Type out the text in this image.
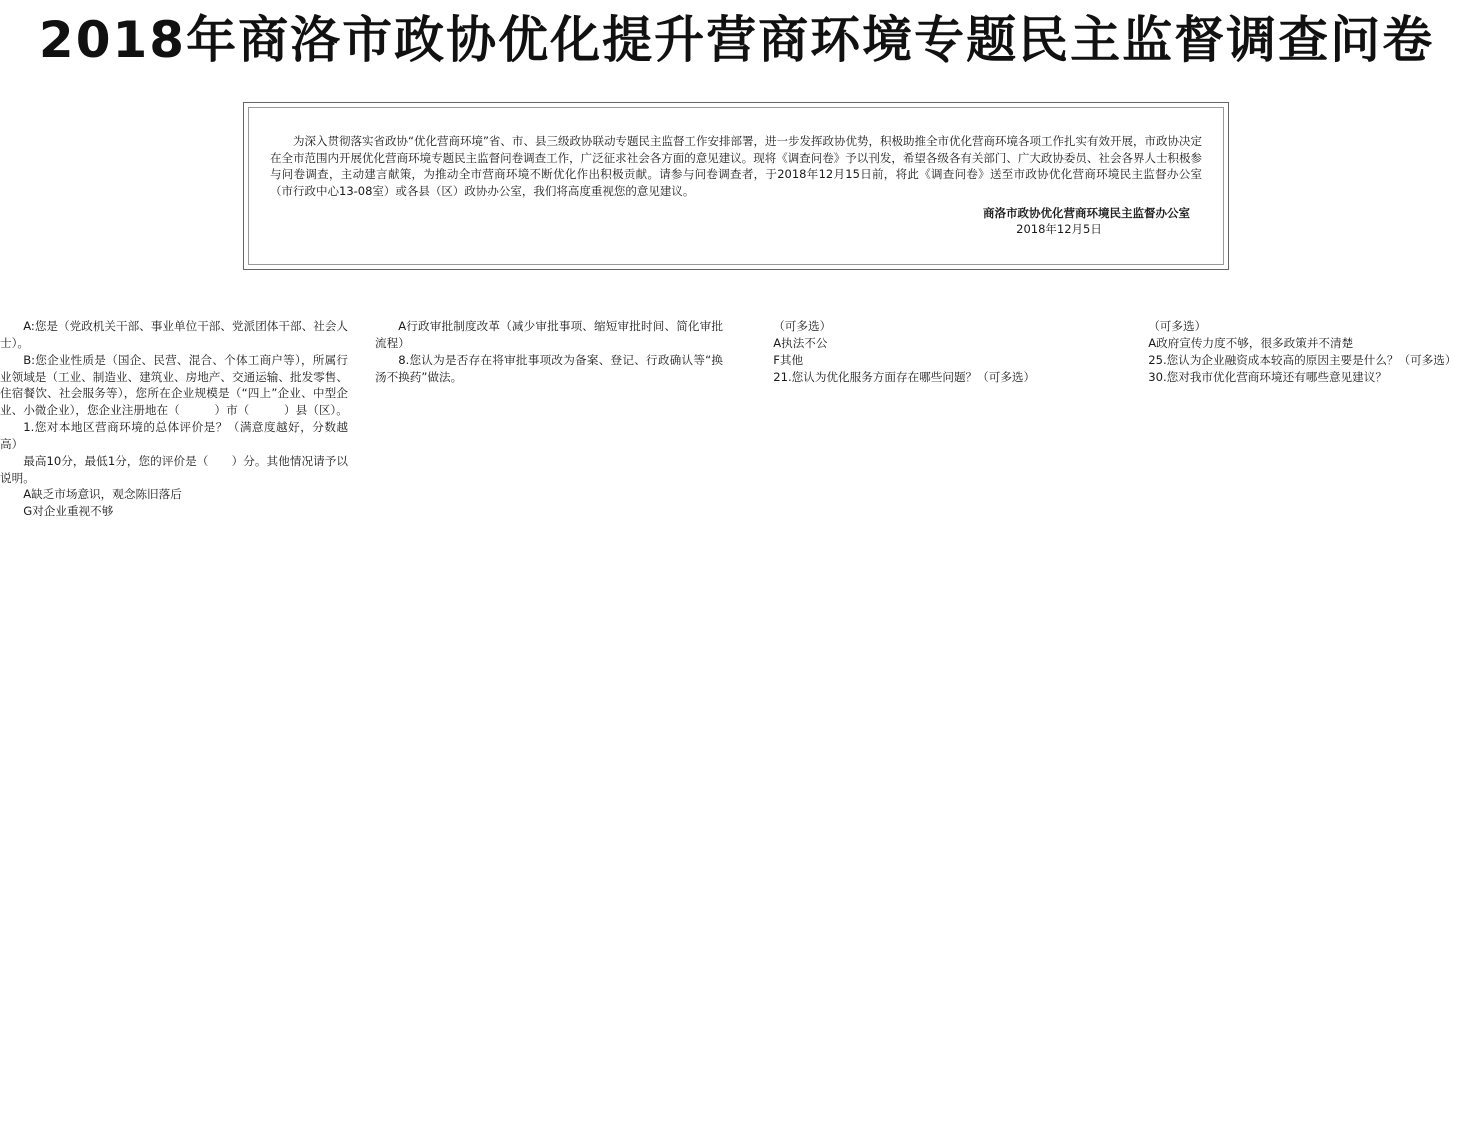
2018年商洛市政协优化提升营商环境专题民主监督调查问卷

为深入贯彻落实省政协“优化营商环境”省、市、县三级政协联动专题民主监督工作安排部署，进一步发挥政协优势，积极助推全市优化营商环境各项工作扎实有效开展，市政协决定在全市范围内开展优化营商环境专题民主监督问卷调查工作，广泛征求社会各方面的意见建议。现将《调查问卷》予以刊发，希望各级各有关部门、广大政协委员、社会各界人士积极参与问卷调查，主动建言献策，为推动全市营商环境不断优化作出积极贡献。请参与问卷调查者，于2018年12月15日前，将此《调查问卷》送至市政协优化营商环境民主监督办公室（市行政中心13-08室）或各县（区）政协办公室，我们将高度重视您的意见建议。

商洛市政协优化营商环境民主监督办公室
2018年12月5日

A:您是（党政机关干部、事业单位干部、党派团体干部、社会人士）。

B:您企业性质是（国企、民营、混合、个体工商户等），所属行业领域是（工业、制造业、建筑业、房地产、交通运输、批发零售、住宿餐饮、社会服务等），您所在企业规模是（“四上”企业、中型企业、小微企业），您企业注册地在（　　　）市（　　　）县（区）。

1.您对本地区营商环境的总体评价是？（满意度越好，分数越高）

最高10分，最低1分，您的评价是（　　）分。其他情况请予以说明。

A缺乏市场意识，观念陈旧落后

G对企业重视不够

A行政审批制度改革（减少审批事项、缩短审批时间、简化审批流程）

8.您认为是否存在将审批事项改为备案、登记、行政确认等“换汤不换药”做法。

（可多选）

A执法不公

F其他

21.您认为优化服务方面存在哪些问题？（可多选）

（可多选）

A政府宣传力度不够，很多政策并不清楚

25.您认为企业融资成本较高的原因主要是什么？（可多选）

30.您对我市优化营商环境还有哪些意见建议？
